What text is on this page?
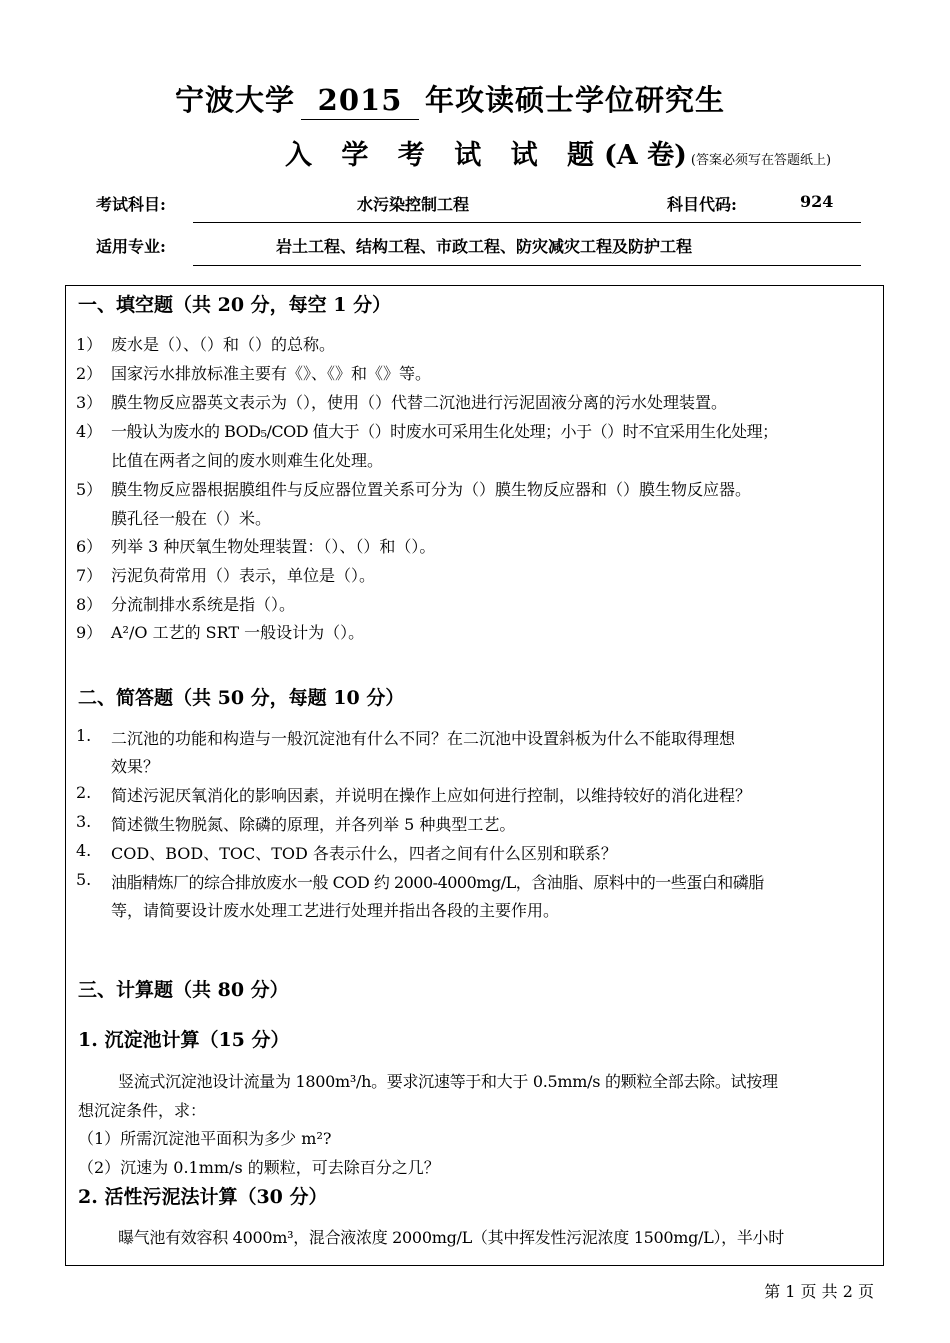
宁波大学 2015 年攻读硕士学位研究生
入 学 考 试 试 题(A 卷) (答案必须写在答题纸上)
考试科目:	水污染控制工程	科目代码:	924
适用专业:	岩土工程、结构工程、市政工程、防灾减灾工程及防护工程
一、填空题（共 20 分，每空 1 分）
1） 废水是（）、（）和（）的总称。
2） 国家污水排放标准主要有《》、《》和《》等。
3） 膜生物反应器英文表示为（），使用（）代替二沉池进行污泥固液分离的污水处理装置。
4） 一般认为废水的 BOD₅/COD 值大于（）时废水可采用生化处理；小于（）时不宜采用生化处理；
比值在两者之间的废水则难生化处理。
5） 膜生物反应器根据膜组件与反应器位置关系可分为（）膜生物反应器和（）膜生物反应器。
膜孔径一般在（）米。
6） 列举 3 种厌氧生物处理装置：（）、（）和（）。
7） 污泥负荷常用（）表示，单位是（）。
8） 分流制排水系统是指（）。
9） A²/O 工艺的 SRT 一般设计为（）。
二、简答题（共 50 分，每题 10 分）
1. 二沉池的功能和构造与一般沉淀池有什么不同？在二沉池中设置斜板为什么不能取得理想
效果？
2. 简述污泥厌氧消化的影响因素，并说明在操作上应如何进行控制，以维持较好的消化进程？
3. 简述微生物脱氮、除磷的原理，并各列举 5 种典型工艺。
4. COD、BOD、TOC、TOD 各表示什么，四者之间有什么区别和联系？
5. 油脂精炼厂的综合排放废水一般 COD 约 2000-4000mg/L，含油脂、原料中的一些蛋白和磷脂
等，请简要设计废水处理工艺进行处理并指出各段的主要作用。
三、计算题（共 80 分）
1. 沉淀池计算（15 分）
竖流式沉淀池设计流量为 1800m³/h。要求沉速等于和大于 0.5mm/s 的颗粒全部去除。试按理
想沉淀条件，求：
（1）所需沉淀池平面积为多少 m²?
（2）沉速为 0.1mm/s 的颗粒，可去除百分之几？
2. 活性污泥法计算（30 分）
曝气池有效容积 4000m³，混合液浓度 2000mg/L（其中挥发性污泥浓度 1500mg/L），半小时
第 1 页 共 2 页
